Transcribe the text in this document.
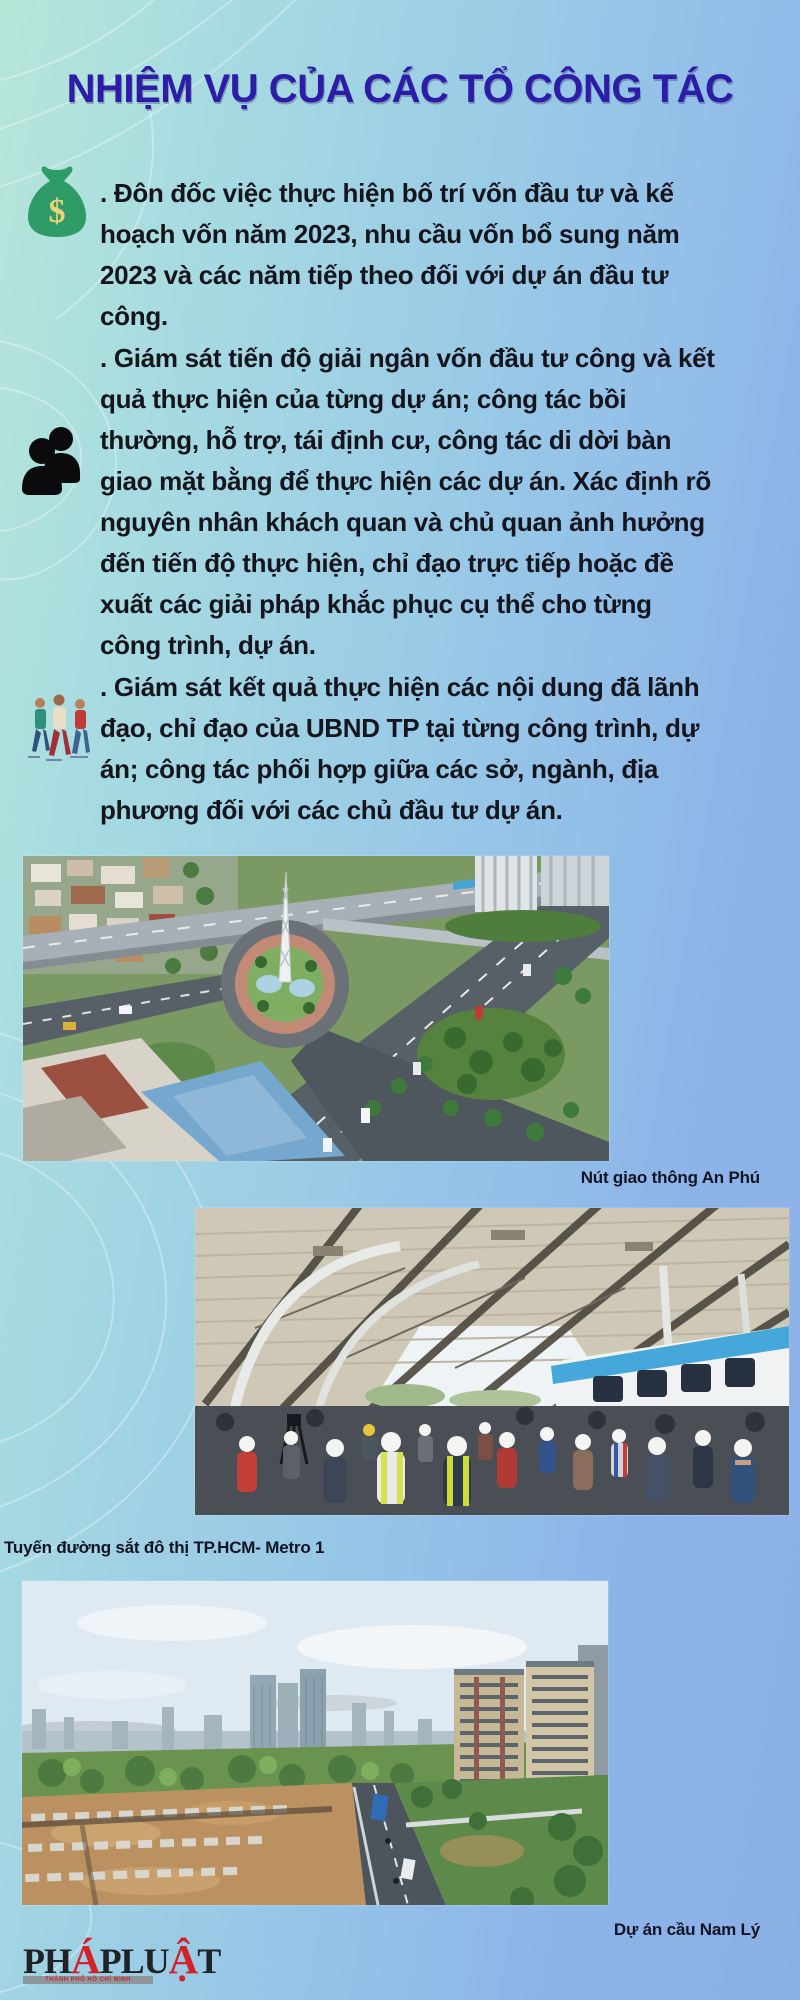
NHIỆM VỤ CỦA CÁC TỔ CÔNG TÁC
$ . Đôn đốc việc thực hiện bố trí vốn đầu tư và kế hoạch vốn năm 2023, nhu cầu vốn bổ sung năm 2023 và các năm tiếp theo đối với dự án đầu tư công.

. Giám sát tiến độ giải ngân vốn đầu tư công và kết quả thực hiện của từng dự án; công tác bồi thường, hỗ trợ, tái định cư, công tác di dời bàn giao mặt bằng để thực hiện các dự án. Xác định rõ nguyên nhân khách quan và chủ quan ảnh hưởng đến tiến độ thực hiện, chỉ đạo trực tiếp hoặc đề xuất các giải pháp khắc phục cụ thể cho từng công trình, dự án.

. Giám sát kết quả thực hiện các nội dung đã lãnh đạo, chỉ đạo của UBND TP tại từng công trình, dự án; công tác phối hợp giữa các sở, ngành, địa phương đối với các chủ đầu tư dự án.

Nút giao thông An Phú
Tuyến đường sắt đô thị TP.HCM- Metro 1
Dự án cầu Nam Lý
PHÁPLUẬT
THÀNH PHỐ HỒ CHÍ MINH
